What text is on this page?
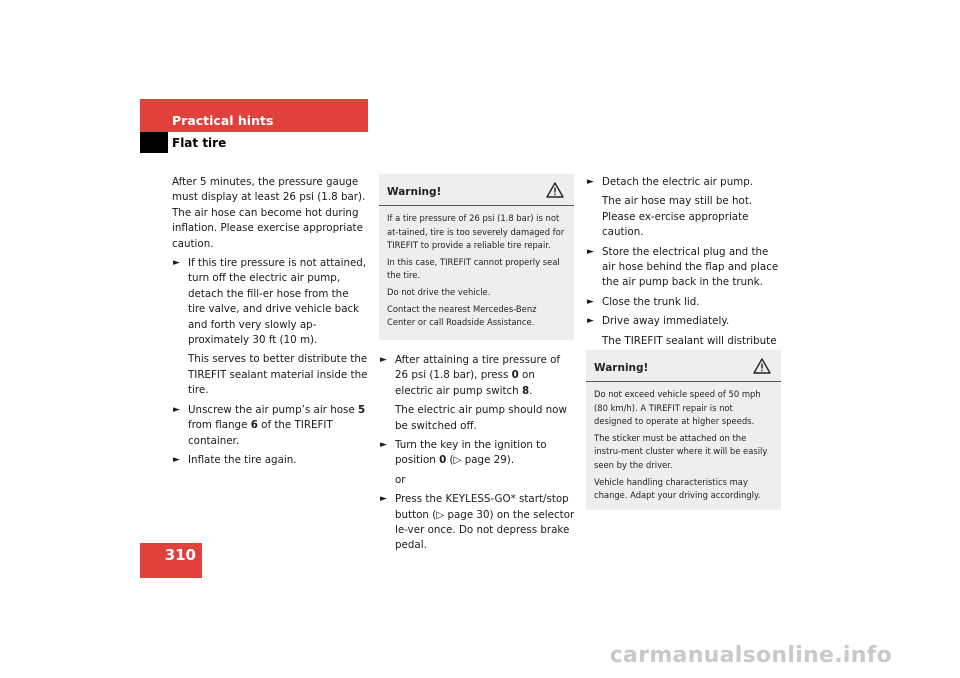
Practical hints
Flat tire
310

After 5 minutes, the pressure gauge must display at least 26 psi (1.8 bar). The air hose can become hot during inflation. Please exercise appropriate caution.

► If this tire pressure is not attained, turn off the electric air pump, detach the fill-er hose from the tire valve, and drive vehicle back and forth very slowly ap-proximately 30 ft (10 m).

This serves to better distribute the TIREFIT sealant material inside the tire.

► Unscrew the air pump’s air hose 5 from flange 6 of the TIREFIT container.
► Inflate the tire again.
Warning!

If a tire pressure of 26 psi (1.8 bar) is not at-tained, tire is too severely damaged for TIREFIT to provide a reliable tire repair.

In this case, TIREFIT cannot properly seal the tire.

Do not drive the vehicle.

Contact the nearest Mercedes-Benz Center or call Roadside Assistance.

► After attaining a tire pressure of 26 psi (1.8 bar), press 0 on electric air pump switch 8.

The electric air pump should now be switched off.

► Turn the key in the ignition to position 0 (▷ page 29).

or

► Press the KEYLESS-GO* start/stop button (▷ page 30) on the selector le-ver once. Do not depress brake pedal.
► Detach the electric air pump.

The air hose may still be hot. Please ex-ercise appropriate caution.

► Store the electrical plug and the air hose behind the flap and place the air pump back in the trunk.
► Close the trunk lid.
► Drive away immediately.

The TIREFIT sealant will distribute

Warning!

Do not exceed vehicle speed of 50 mph (80 km/h). A TIREFIT repair is not designed to operate at higher speeds.

The sticker must be attached on the instru-ment cluster where it will be easily seen by the driver.

Vehicle handling characteristics may change. Adapt your driving accordingly.

carmanualsonline.info
